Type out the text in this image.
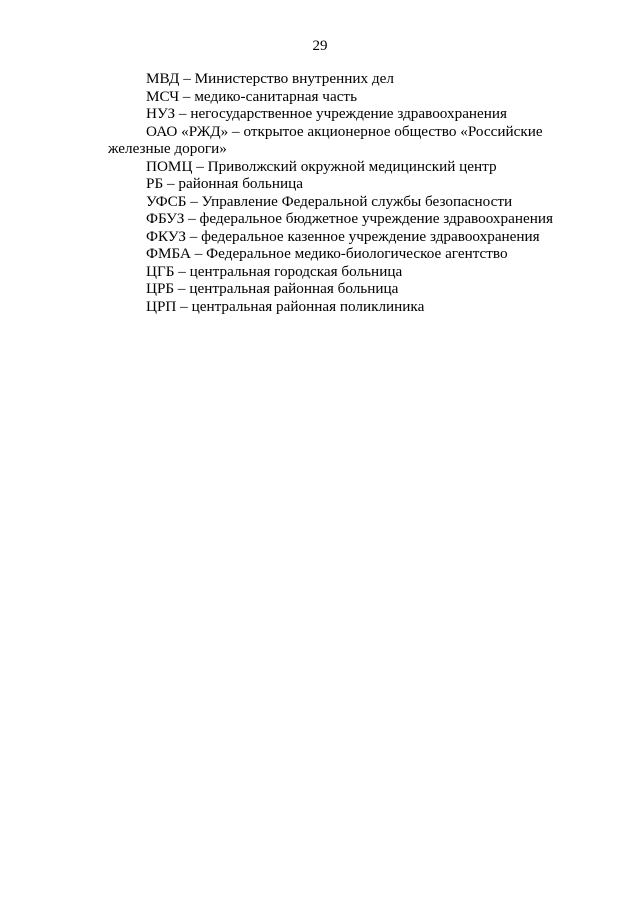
29
МВД – Министерство внутренних дел
МСЧ – медико-санитарная часть
НУЗ – негосударственное учреждение здравоохранения
ОАО «РЖД» – открытое акционерное общество «Российские железные дороги»
ПОМЦ – Приволжский окружной медицинский центр
РБ – районная больница
УФСБ – Управление Федеральной службы безопасности
ФБУЗ – федеральное бюджетное учреждение здравоохранения
ФКУЗ – федеральное казенное учреждение здравоохранения
ФМБА – Федеральное медико-биологическое агентство
ЦГБ – центральная городская больница
ЦРБ – центральная районная больница
ЦРП – центральная районная поликлиника
